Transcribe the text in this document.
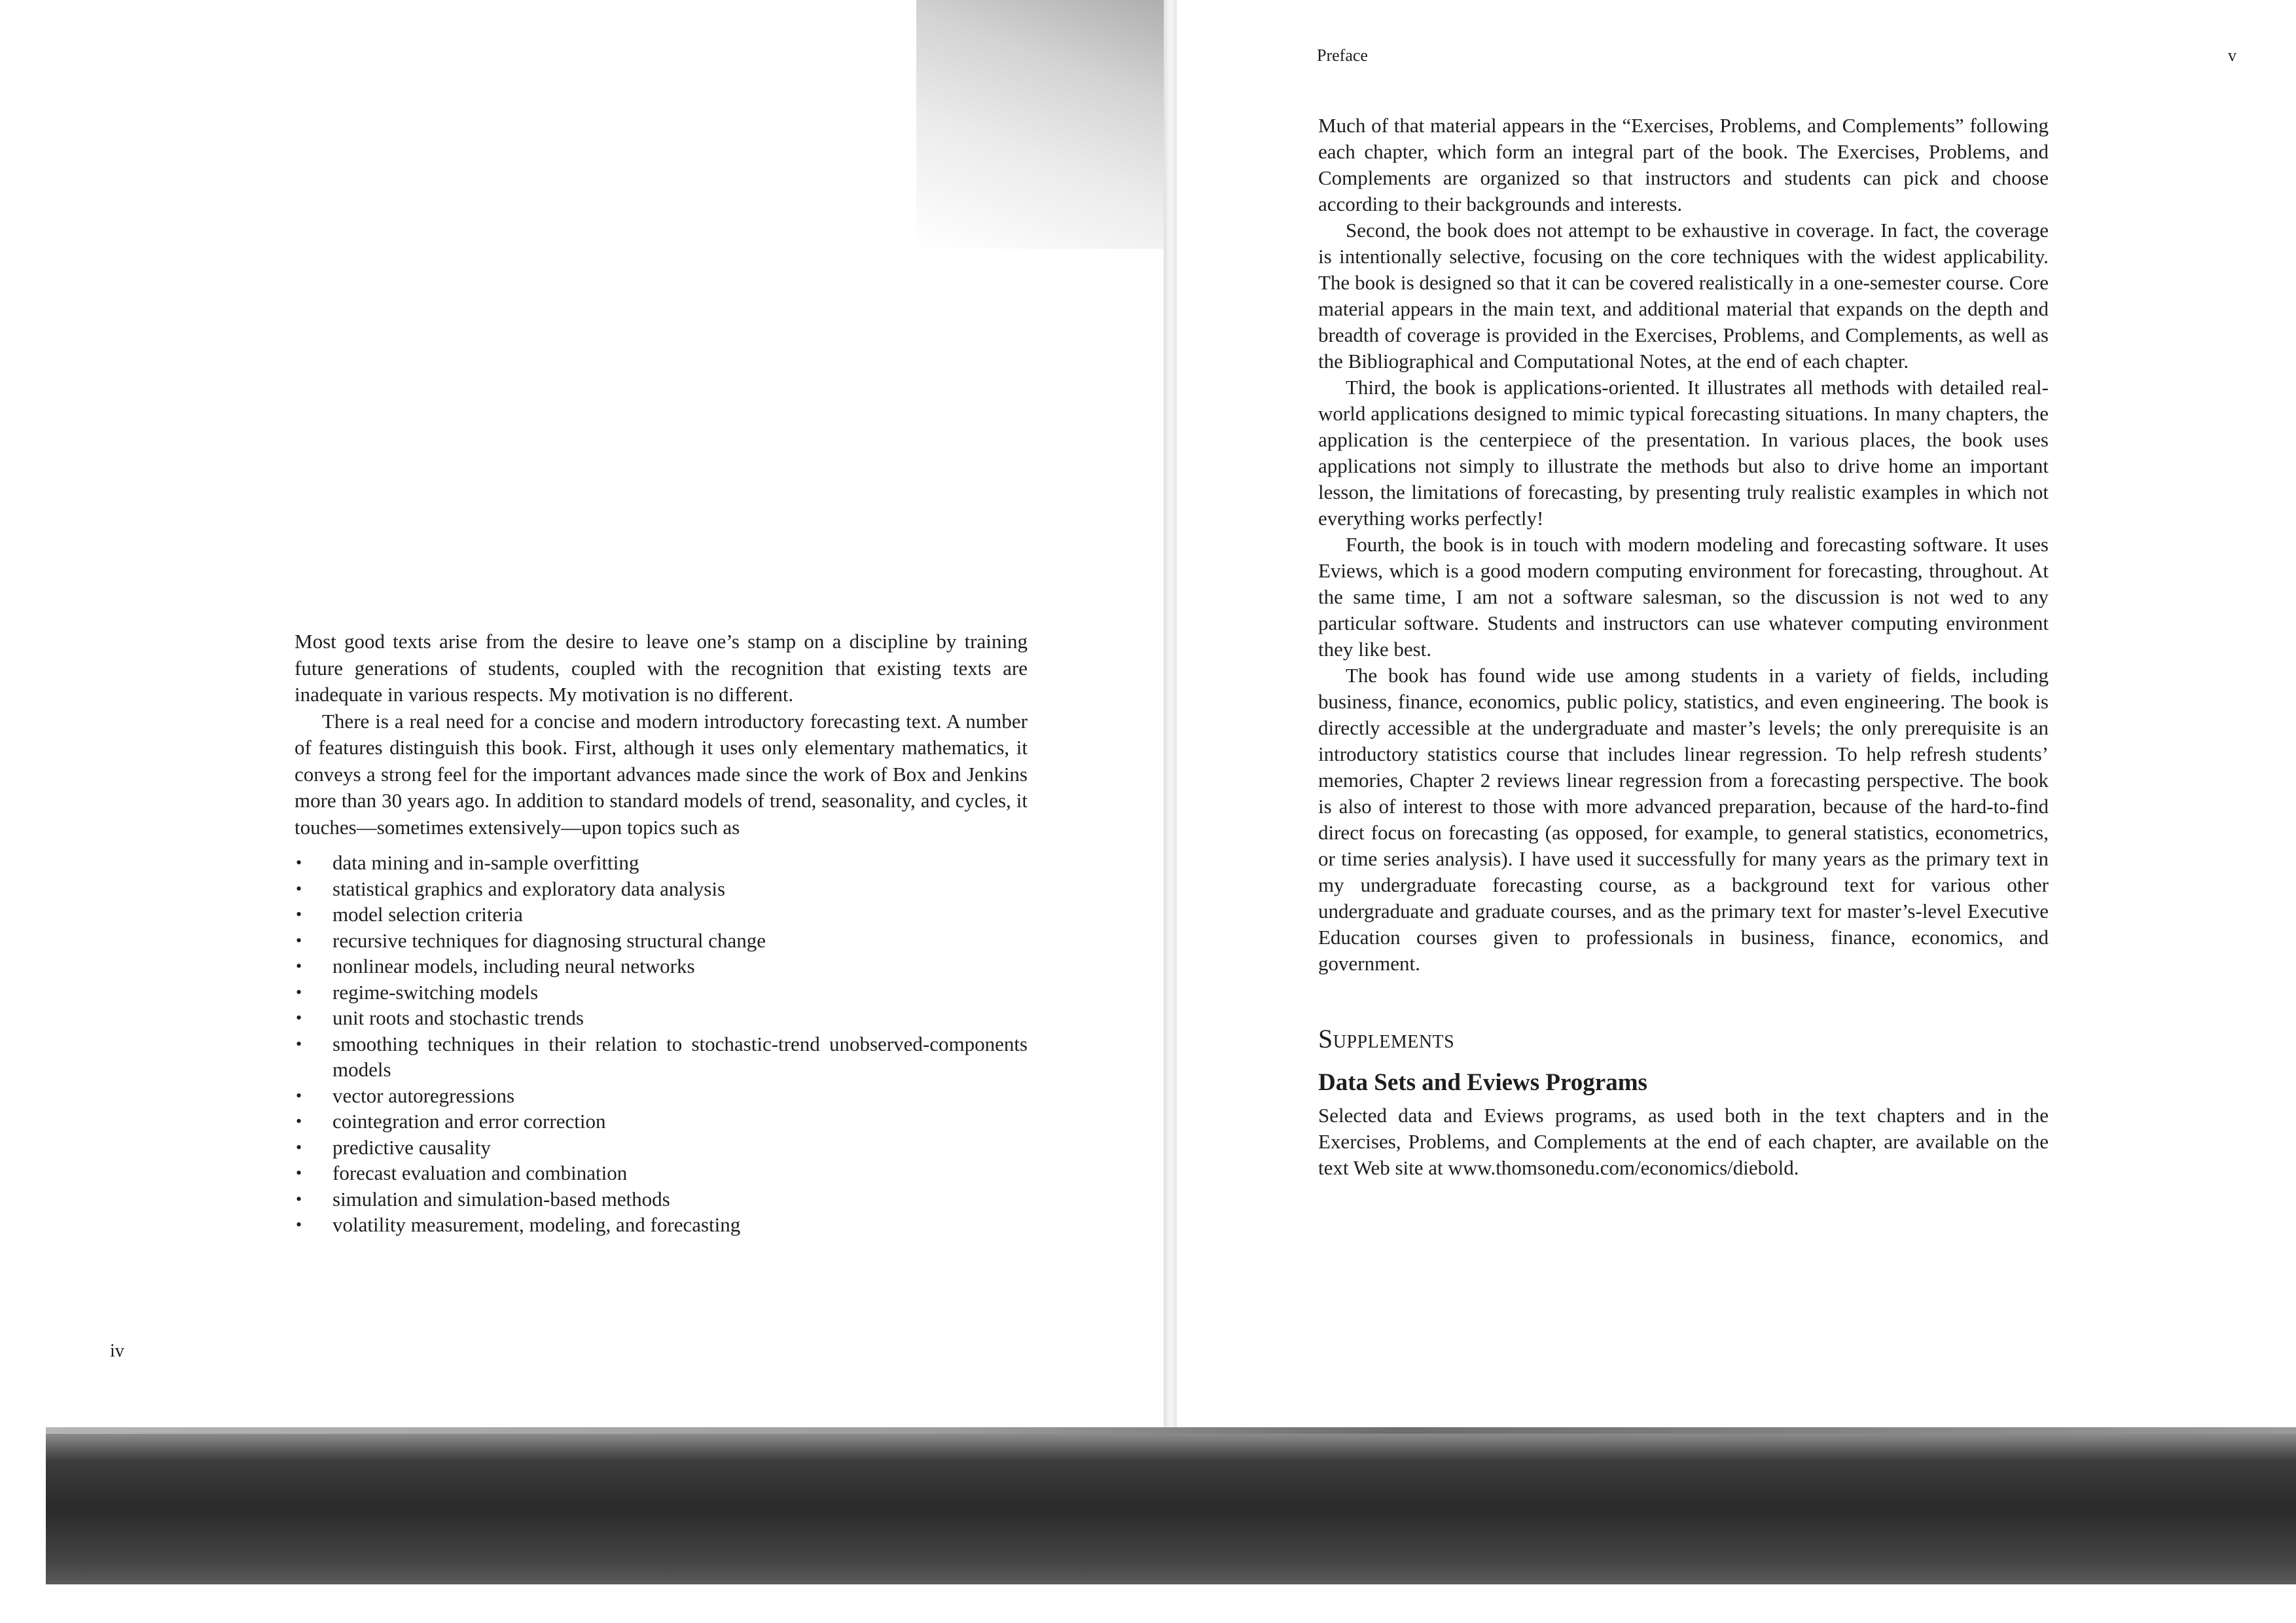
Most good texts arise from the desire to leave one’s stamp on a discipline by training future generations of students, coupled with the recognition that existing texts are inadequate in various respects. My motivation is no different.

There is a real need for a concise and modern introductory forecasting text. A number of features distinguish this book. First, although it uses only elementary mathematics, it conveys a strong feel for the important advances made since the work of Box and Jenkins more than 30 years ago. In addition to standard models of trend, seasonality, and cycles, it touches—sometimes extensively—upon topics such as

• data mining and in-sample overfitting
• statistical graphics and exploratory data analysis
• model selection criteria
• recursive techniques for diagnosing structural change
• nonlinear models, including neural networks
• regime-switching models
• unit roots and stochastic trends
• smoothing techniques in their relation to stochastic-trend unobserved-components models
• vector autoregressions
• cointegration and error correction
• predictive causality
• forecast evaluation and combination
• simulation and simulation-based methods
• volatility measurement, modeling, and forecasting
iv
Preface	v

Much of that material appears in the “Exercises, Problems, and Complements” following each chapter, which form an integral part of the book. The Exercises, Problems, and Complements are organized so that instructors and students can pick and choose according to their backgrounds and interests.

Second, the book does not attempt to be exhaustive in coverage. In fact, the coverage is intentionally selective, focusing on the core techniques with the widest applicability. The book is designed so that it can be covered realistically in a one-semester course. Core material appears in the main text, and additional material that expands on the depth and breadth of coverage is provided in the Exercises, Problems, and Complements, as well as the Bibliographical and Computational Notes, at the end of each chapter.

Third, the book is applications-oriented. It illustrates all methods with detailed real-world applications designed to mimic typical forecasting situations. In many chapters, the application is the centerpiece of the presentation. In various places, the book uses applications not simply to illustrate the methods but also to drive home an important lesson, the limitations of forecasting, by presenting truly realistic examples in which not everything works perfectly!

Fourth, the book is in touch with modern modeling and forecasting software. It uses Eviews, which is a good modern computing environment for forecasting, throughout. At the same time, I am not a software salesman, so the discussion is not wed to any particular software. Students and instructors can use whatever computing environment they like best.

The book has found wide use among students in a variety of fields, including business, finance, economics, public policy, statistics, and even engineering. The book is directly accessible at the undergraduate and master’s levels; the only prerequisite is an introductory statistics course that includes linear regression. To help refresh students’ memories, Chapter 2 reviews linear regression from a forecasting perspective. The book is also of interest to those with more advanced preparation, because of the hard-to-find direct focus on forecasting (as opposed, for example, to general statistics, econometrics, or time series analysis). I have used it successfully for many years as the primary text in my undergraduate forecasting course, as a background text for various other undergraduate and graduate courses, and as the primary text for master’s-level Executive Education courses given to professionals in business, finance, economics, and government.

Supplements
Data Sets and Eviews Programs

Selected data and Eviews programs, as used both in the text chapters and in the Exercises, Problems, and Complements at the end of each chapter, are available on the text Web site at www.thomsonedu.com/economics/diebold.
